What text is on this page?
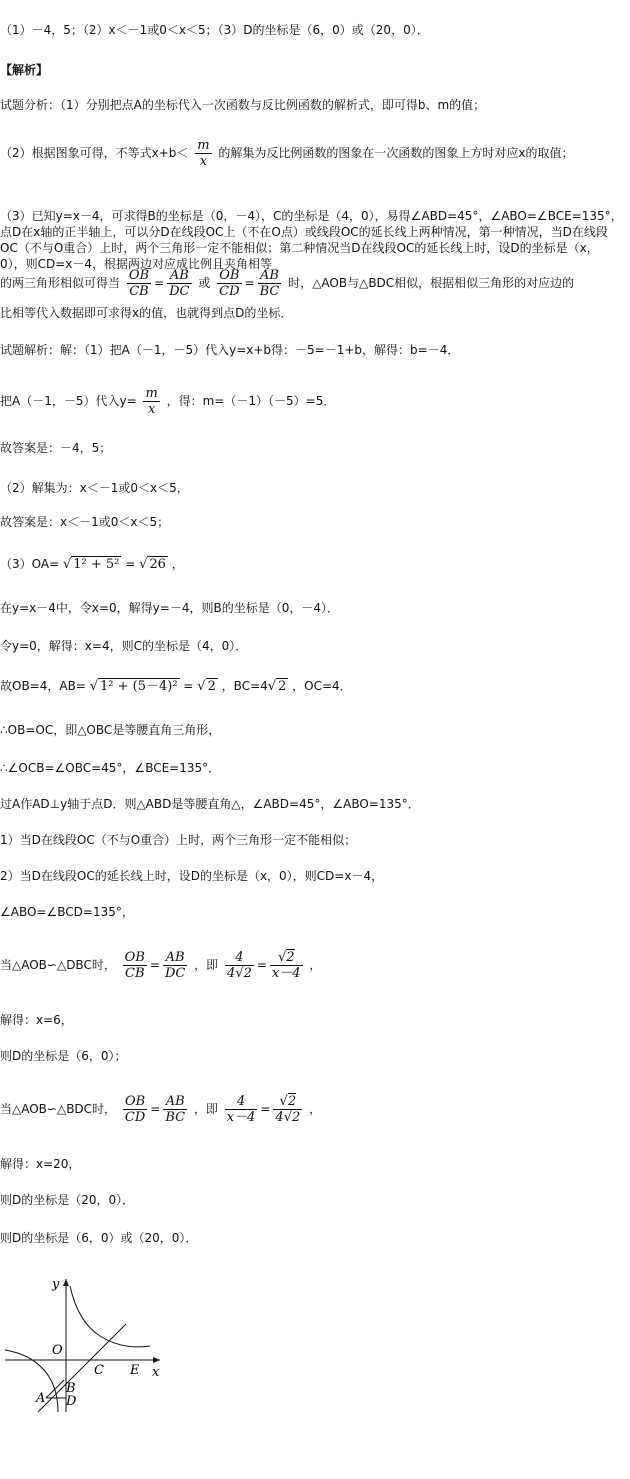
（1）－4，5；（2）x＜－1或0＜x＜5；（3）D的坐标是（6，0）或（20，0）．
【解析】
试题分析：（1）分别把点A的坐标代入一次函数与反比例函数的解析式，即可得b、m的值；
（2）根据图象可得，不等式$x+b< \frac{m}{x}$ 的解集为反比例函数的图象在一次函数的图象上方时对应x的取值；
（3）已知y=x－4，可求得B的坐标是（0，－4），C的坐标是（4，0），易得∠ABD=45°，∠ABO=∠BCE=135°，点D在x轴的正半轴上，可以分D在线段OC上（不在O点）或线段OC的延长线上两种情况，第一种情况，当D在线段OC（不与O重合）上时，两个三角形一定不能相似；第二种情况当D在线段OC的延长线上时，设D的坐标是（x，0），则CD=x－4，根据两边对应成比例且夹角相等
的两三角形相似可得当 $\frac{OB}{CB} = \frac{AB}{DC}$ 或 $\frac{OB}{CD} = \frac{AB}{BC}$ 时，△AOB与△BDC相似，根据相似三角形的对应边的
比相等代入数据即可求得x的值，也就得到点D的坐标．
试题解析：解：（1）把A（－1，－5）代入y=x+b得：－5=－1+b，解得：b=－4．
把A（－1，－5）代入$y= \frac{m}{x}$ ，得：m=（－1）（－5）=5．
故答案是：－4，5；
（2）解集为：x＜－1或0＜x＜5，
故答案是：x＜－1或0＜x＜5；
（3）OA= √ 1² + 5² = √ 26 ，
在y=x－4中，令x=0，解得y=－4，则B的坐标是（0，－4）．
令y=0，解得：x=4，则C的坐标是（4，0）．
故OB=4，AB= √ 1² + (5－4)² = √ 2 ，BC=4√ 2 ，OC=4．
∴OB=OC，即△OBC是等腰直角三角形，
∴∠OCB=∠OBC=45°，∠BCE=135°．
过A作AD⊥y轴于点D．则△ABD是等腰直角△，∠ABD=45°，∠ABO=135°．
1）当D在线段OC（不与O重合）上时，两个三角形一定不能相似；
2）当D在线段OC的延长线上时，设D的坐标是（x，0），则CD=x－4，
∠ABO=∠BCD=135°，
当△AOB∽△DBC时， $\frac{OB}{CB} = \frac{AB}{DC}$ ，即 $\frac{4}{4√2} = \frac{√2}{x-4}$ ，
解得：x=6，
则D的坐标是（6，0）；
当△AOB∽△BDC时， $\frac{OB}{CD} = \frac{AB}{BC}$ ，即 $\frac{4}{x-4} = \frac{√2}{4√2}$ ，
解得：x=20，
则D的坐标是（20，0）．
则D的坐标是（6，0）或（20，0）．
y
x
O
C E
A
B
D
